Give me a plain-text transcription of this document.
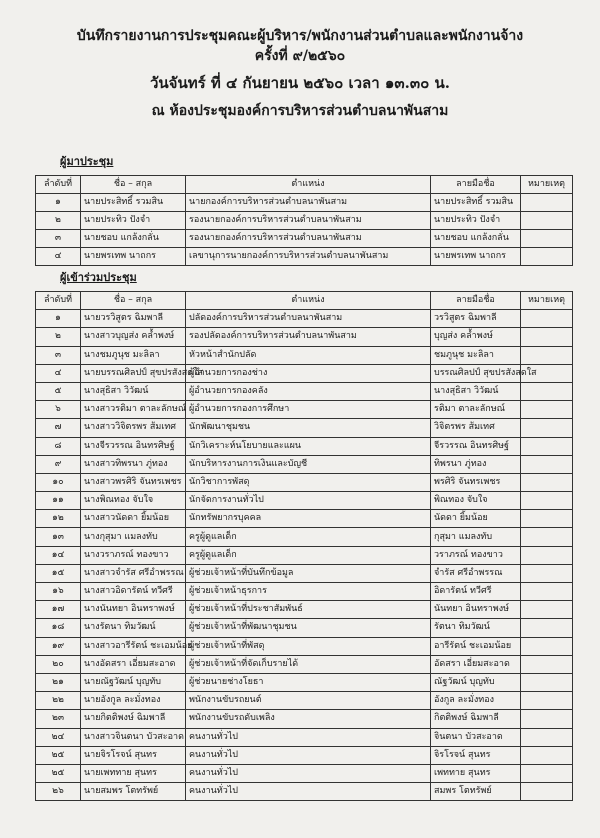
บันทึกรายงานการประชุมคณะผู้บริหาร/พนักงานส่วนตำบลและพนักงานจ้าง
ครั้งที่ ๙/๒๕๖๐
วันจันทร์ ที่ ๔ กันยายน ๒๕๖๐ เวลา ๑๓.๓๐ น.
ณ ห้องประชุมองค์การบริหารส่วนตำบลนาพันสาม
ผู้มาประชุม
ลำดับที่	ชื่อ – สกุล	ตำแหน่ง	ลายมือชื่อ	หมายเหตุ
๑	นายประสิทธิ์ รวมสิน	นายกองค์การบริหารส่วนตำบลนาพันสาม	นายประสิทธิ์ รวมสิน	
๒	นายประทิว ปังจำ	รองนายกองค์การบริหารส่วนตำบลนาพันสาม	นายประทิว ปังจำ	
๓	นายชอบ แกล้งกลั่น	รองนายกองค์การบริหารส่วนตำบลนาพันสาม	นายชอบ แกล้งกลั่น	
๔	นายพรเทพ นาถกร	เลขานุการนายกองค์การบริหารส่วนตำบลนาพันสาม	นายพรเทพ นาถกร	
ผู้เข้าร่วมประชุม
ลำดับที่	ชื่อ – สกุล	ตำแหน่ง	ลายมือชื่อ	หมายเหตุ
๑	นายวรวิสูตร ฉิมพาลี	ปลัดองค์การบริหารส่วนตำบลนาพันสาม	วรวิสูตร ฉิมพาลี	
๒	นางสาวบุญส่ง คล้ำพงษ์	รองปลัดองค์การบริหารส่วนตำบลนาพันสาม	บุญส่ง คล้ำพงษ์	
๓	นางชมภูนุช มะลิลา	หัวหน้าสำนักปลัด	ชมภูนุช มะลิลา	
๔	นายบรรณศิลปป์ สุขปรสังสดใส	ผู้อำนวยการกองช่าง	บรรณศิลปป์ สุขปรสังสดใส	
๕	นางสุธิสา วิวัฒน์	ผู้อำนวยการกองคลัง	นางสุธิสา วิวัฒน์	
๖	นางสาวรติมา ตาละลักษณ์	ผู้อำนวยการกองการศึกษา	รติมา ตาละลักษณ์	
๗	นางสาววิจิตรพร ส้มเทศ	นักพัฒนาชุมชน	วิจิตรพร ส้มเทศ	
๘	นางจีรวรรณ อินทรศิษฐ์	นักวิเคราะห์นโยบายและแผน	จีรวรรณ อินทรศิษฐ์	
๙	นางสาวทิพรนา ภู่ทอง	นักบริหารงานการเงินและบัญชี	ทิพรนา ภู่ทอง	
๑๐	นางสาวพรศิริ จันทรเพชร	นักวิชาการพัสดุ	พรศิริ จันทรเพชร	
๑๑	นางพิณทอง จับใจ	นักจัดการงานทั่วไป	พิณทอง จับใจ	
๑๒	นางสาวนัดดา ยิ้มน้อย	นักทรัพยากรบุคคล	นัดดา ยิ้มน้อย	
๑๓	นางกุสุมา แมลงทับ	ครูผู้ดูแลเด็ก	กุสุมา แมลงทับ	
๑๔	นางวราภรณ์ ทองขาว	ครูผู้ดูแลเด็ก	วราภรณ์ ทองขาว	
๑๕	นางสาวจำรัส ศรีอำพรรณ	ผู้ช่วยเจ้าหน้าที่บันทึกข้อมูล	จำรัส ศรีอำพรรณ	
๑๖	นางสาวอิดารัตน์ ทวีศรี	ผู้ช่วยเจ้าหน้าธุรการ	อิดารัตน์ ทวีศรี	
๑๗	นางนันทยา อินทราพงษ์	ผู้ช่วยเจ้าหน้าที่ประชาสัมพันธ์	นันทยา อินทราพงษ์	
๑๘	นางรัตนา ทิมวัฒน์	ผู้ช่วยเจ้าหน้าที่พัฒนาชุมชน	รัตนา ทิมวัฒน์	
๑๙	นางสาวอารีรัตน์ ชะเอมน้อย	ผู้ช่วยเจ้าหน้าที่พัสดุ	อารีรัตน์ ชะเอมน้อย	
๒๐	นางอัดสรา เอี่ยมสะอาด	ผู้ช่วยเจ้าหน้าที่จัดเก็บรายได้	อัดสรา เอี่ยมสะอาด	
๒๑	นายณัฐวัฒน์ บุญทับ	ผู้ช่วยนายช่างโยธา	ณัฐวัฒน์ บุญทับ	
๒๒	นายอังกูล ละมั่งทอง	พนักงานขับรถยนต์	อังกูล ละมั่งทอง	
๒๓	นายกิตติพงษ์ ฉิมพาลี	พนักงานขับรถดับเพลิง	กิตติพงษ์ ฉิมพาลี	
๒๔	นางสาวจินตนา บัวสะอาด	คนงานทั่วไป	จินตนา บัวสะอาด	
๒๕	นายจิรโรจน์ สุนทร	คนงานทั่วไป	จิรโรจน์ สุนทร	
๒๕	นายเพททาย สุนทร	คนงานทั่วไป	เพททาย สุนทร	
๒๖	นายสมพร โตทรัพย์	คนงานทั่วไป	สมพร โตทรัพย์	
